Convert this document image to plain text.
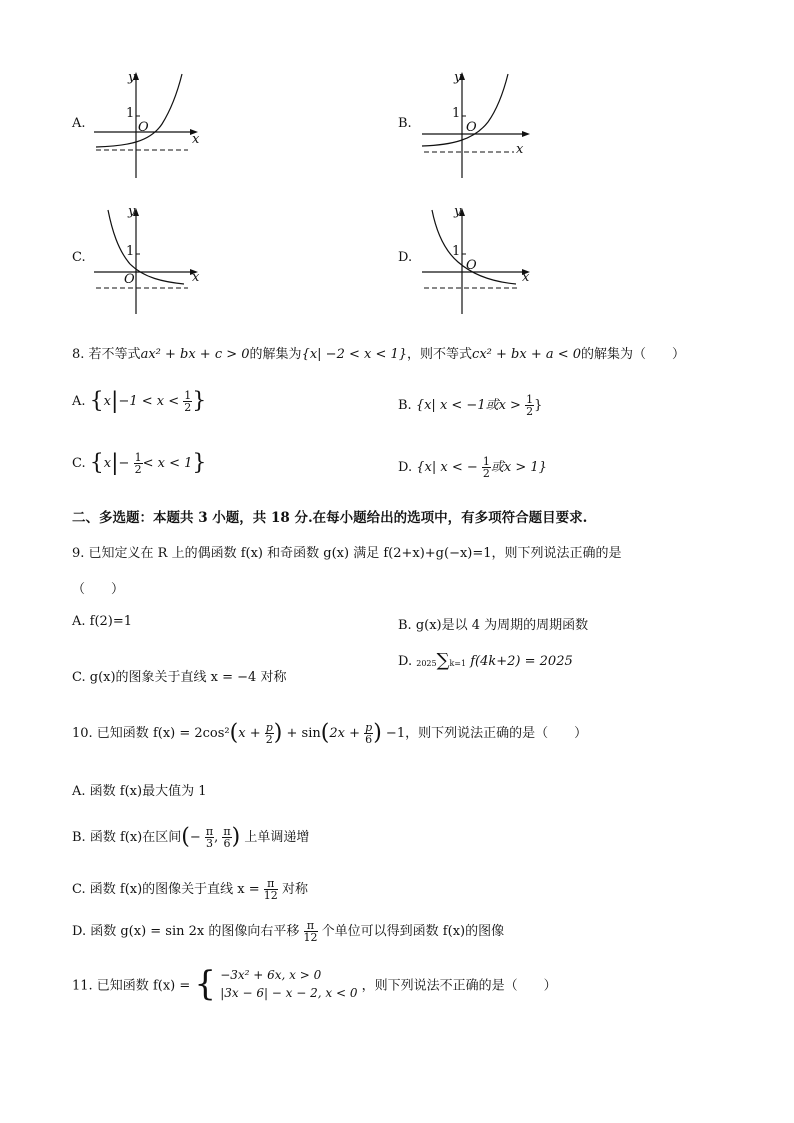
A.
y
1
O
x
B.
y
1
O
x
C.
y
1
O	x
D.
y
1
O
x
8. 若不等式ax² + bx + c > 0的解集为{x| −2 < x < 1}，则不等式cx² + bx + a < 0的解集为（　　）
A. {$x|-1 < x < \frac{1}{2}$ }	B. {x| x < −1或$x > \frac{1}{2}$ }
C. $\{x|- \frac{1}{2} < x < 1\}$	D. {x| x < − $\frac{1}{2}$ 或x > 1}
二、多选题：本题共 3 小题，共 18 分.在每小题给出的选项中，有多项符合题目要求.
9. 已知定义在 R 上的偶函数 f(x) 和奇函数 g(x) 满足 f(2+x)+g(−x)=1，则下列说法正确的是
（　　）
A. f(2)=1	B. g(x)是以 4 为周期的周期函数
C. g(x)的图象关于直线 x = −4 对称
D. 2025∑k=1 f(4k+2) = 2025
10. 已知函数 $f(x) = 2\cos^2(x + \frac{p}{2}$ ) + $\sin(2x + \frac{p}{6}$ ) −1，则下列说法正确的是（　　）
A. 函数 f(x)最大值为 1
B. 函数 f(x)在区间(− $\frac{\pi}{3}$ , $\frac{\pi}{6}$ ) 上单调递增
C. 函数 f(x)的图像关于直线 $x = \frac{\pi}{12}$ 对称
D. 函数 g(x) = sin 2x 的图像向右平移 $\frac{\pi}{12}$ 个单位可以得到函数 f(x)的图像
11. 已知函数 f(x) = { −3x² + 6x, x > 0
|3x − 6| − x − 2, x < 0 ，则下列说法不正确的是（　　）
